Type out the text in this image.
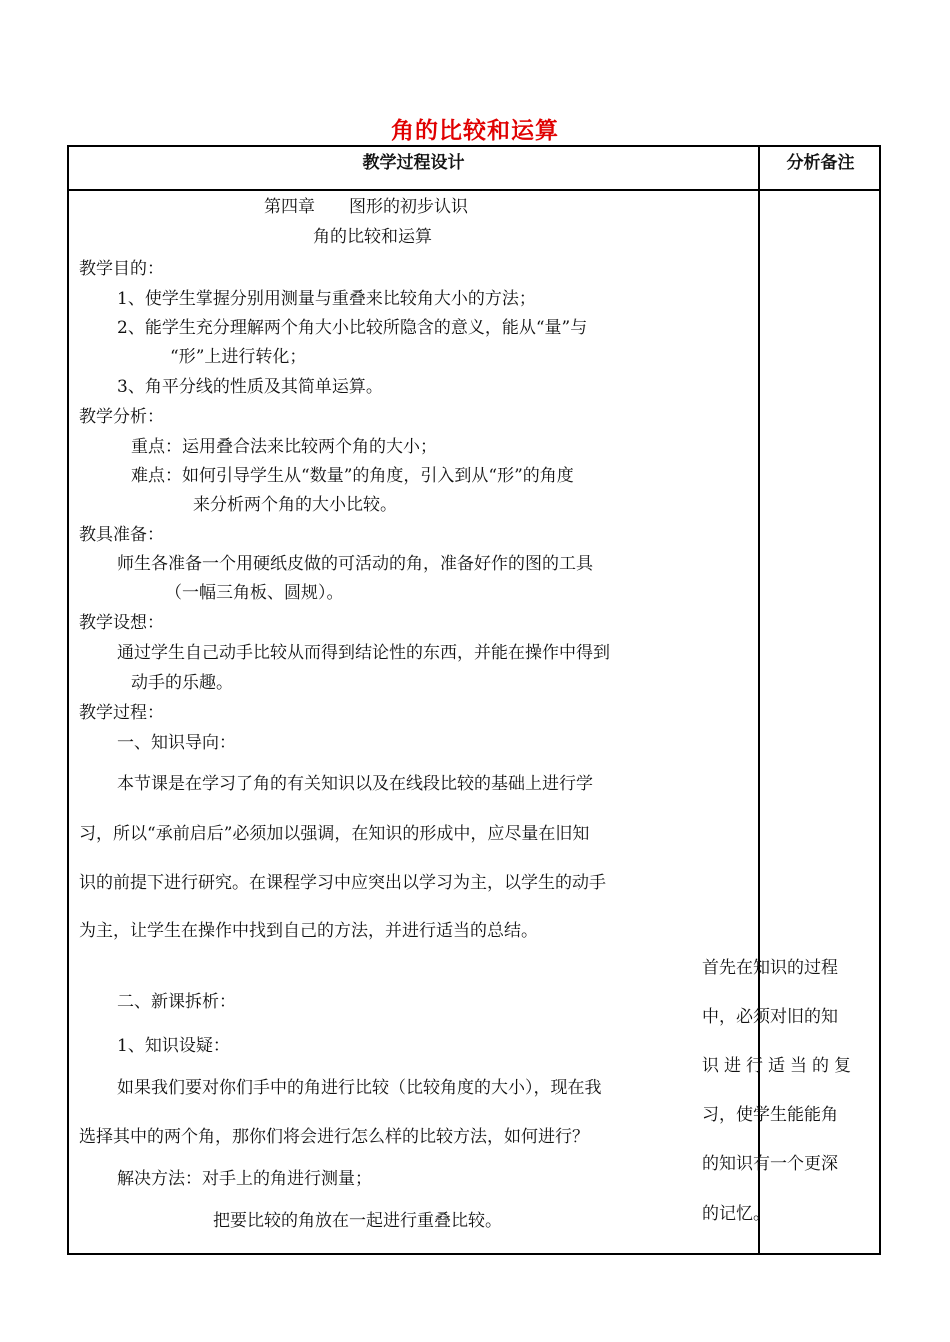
角的比较和运算
教学过程设计	分析备注
第四章　　图形的初步认识
角的比较和运算
教学目的：
1、使学生掌握分别用测量与重叠来比较角大小的方法；
2、能学生充分理解两个角大小比较所隐含的意义，能从“量”与
“形”上进行转化；
3、角平分线的性质及其简单运算。
教学分析：
重点：运用叠合法来比较两个角的大小；
难点：如何引导学生从“数量”的角度，引入到从“形”的角度
来分析两个角的大小比较。
教具准备：
师生各准备一个用硬纸皮做的可活动的角，准备好作的图的工具
（一幅三角板、圆规）。
教学设想：
通过学生自己动手比较从而得到结论性的东西，并能在操作中得到
动手的乐趣。
教学过程：
一、知识导向：
本节课是在学习了角的有关知识以及在线段比较的基础上进行学
习，所以“承前启后”必须加以强调，在知识的形成中，应尽量在旧知
识的前提下进行研究。在课程学习中应突出以学习为主，以学生的动手
为主，让学生在操作中找到自己的方法，并进行适当的总结。
二、新课拆析：
1、知识设疑：
如果我们要对你们手中的角进行比较（比较角度的大小），现在我
选择其中的两个角，那你们将会进行怎么样的比较方法，如何进行？
解决方法：对手上的角进行测量；
把要比较的角放在一起进行重叠比较。
首先在知识的过程
中，必须对旧的知
识进行适当的复
习，使学生能能角
的知识有一个更深
的记忆。
